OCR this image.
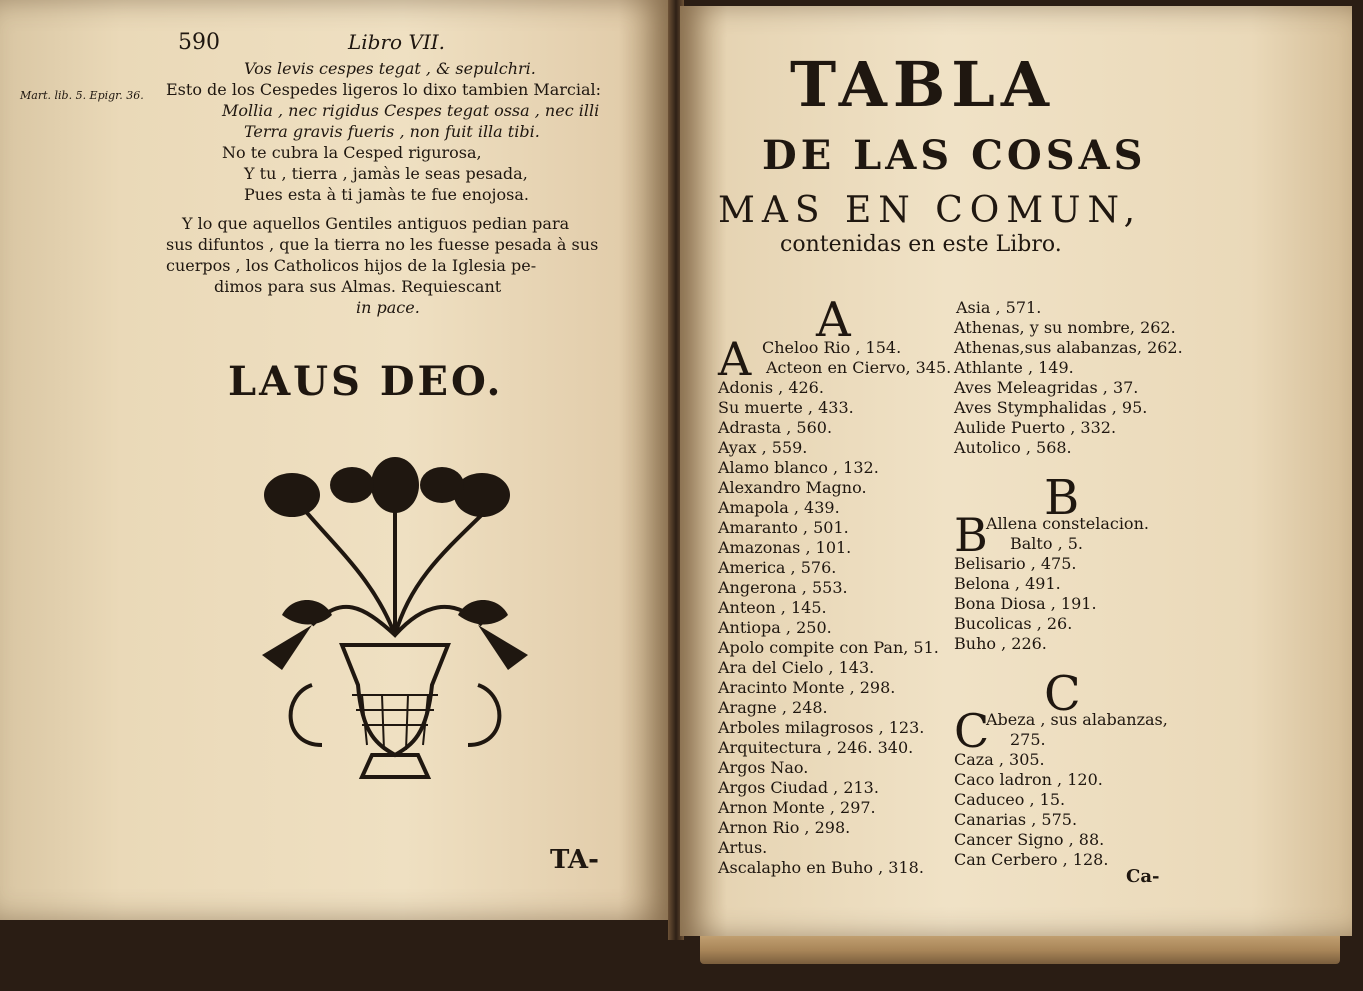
590	Libro VII.
Mart. lib. 5. Epigr. 36.
Vos levis cespes tegat , & sepulchri.
Esto de los Cespedes ligeros lo dixo tambien Marcial:
Mollia , nec rigidus Cespes tegat ossa , nec illi
Terra gravis fueris , non fuit illa tibi.
No te cubra la Cesped rigurosa,
Y tu , tierra , jamàs le seas pesada,
Pues esta à ti jamàs te fue enojosa.
Y lo que aquellos Gentiles antiguos pedian para
sus difuntos , que la tierra no les fuesse pesada à sus
cuerpos , los Catholicos hijos de la Iglesia pe-
dimos para sus Almas. Requiescant
in pace.
LAUS DEO.
TA-
TABLA
DE LAS COSAS
MAS EN COMUN,
contenidas en este Libro.
A
A Cheloo Rio , 154.
Acteon en Ciervo, 345.
Adonis , 426.
Su muerte , 433.
Adrasta , 560.
Ayax , 559.
Alamo blanco , 132.
Alexandro Magno.
Amapola , 439.
Amaranto , 501.
Amazonas , 101.
America , 576.
Angerona , 553.
Anteon , 145.
Antiopa , 250.
Apolo compite con Pan, 51.
Ara del Cielo , 143.
Aracinto Monte , 298.
Aragne , 248.
Arboles milagrosos , 123.
Arquitectura , 246. 340.
Argos Nao.
Argos Ciudad , 213.
Arnon Monte , 297.
Arnon Rio , 298.
Artus.
Ascalapho en Buho , 318.
Asia , 571.
Athenas, y su nombre, 262.
Athenas,sus alabanzas, 262.
Athlante , 149.
Aves Meleagridas , 37.
Aves Stymphalidas , 95.
Aulide Puerto , 332.
Autolico , 568.
B
B
Allena constelacion.
Balto , 5.
Belisario , 475.
Belona , 491.
Bona Diosa , 191.
Bucolicas , 26.
Buho , 226.
C
C
Abeza , sus alabanzas,
275.
Caza , 305.
Caco ladron , 120.
Caduceo , 15.
Canarias , 575.
Cancer Signo , 88.
Can Cerbero , 128.
Ca-
